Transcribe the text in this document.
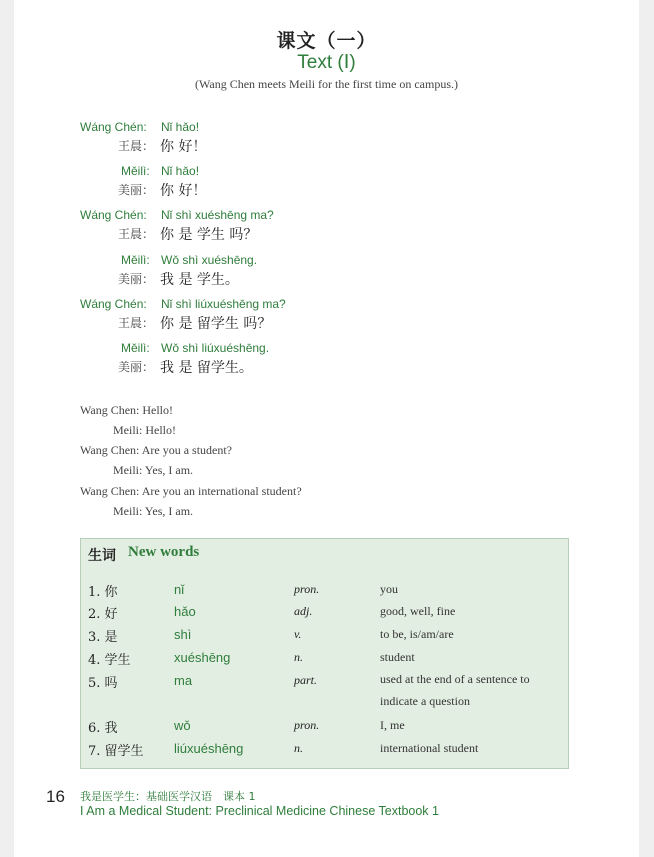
课文（一）
Text (Ⅰ)
(Wang Chen meets Meili for the first time on campus.)
Wáng Chén: Nǐ hǎo!
王晨： 你 好！
Měilì: Nǐ hǎo!
美丽： 你 好！
Wáng Chén: Nǐ shì xuéshēng ma?
王晨： 你 是 学生 吗？
Měilì: Wǒ shì xuéshēng.
美丽： 我 是 学生。
Wáng Chén: Nǐ shì liúxuéshēng ma?
王晨： 你 是 留学生 吗？
Měilì: Wǒ shì liúxuéshēng.
美丽： 我 是 留学生。
Wang Chen: Hello!
Meili: Hello!
Wang Chen: Are you a student?
Meili: Yes, I am.
Wang Chen: Are you an international student?
Meili: Yes, I am.
生词 New words
1. 你	nǐ	pron.	you
2. 好	hǎo	adj.	good, well, fine
3. 是	shì	v.	to be, is/am/are
4. 学生	xuéshēng	n.	student
5. 吗	ma	part.	used at the end of a sentence to indicate a question
6. 我	wǒ	pron.	I, me
7. 留学生 liúxuéshēng	n.	international student
16 我是医学生：基础医学汉语　课本 1
I Am a Medical Student: Preclinical Medicine Chinese Textbook 1
